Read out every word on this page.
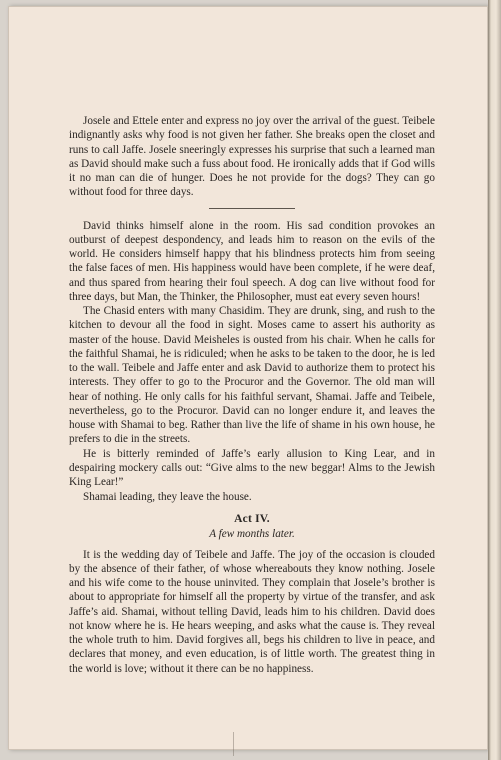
Josele and Ettele enter and express no joy over the arrival of the guest. Teibele indignantly asks why food is not given her father. She breaks open the closet and runs to call Jaffe. Josele sneeringly expresses his surprise that such a learned man as David should make such a fuss about food. He ironically adds that if God wills it no man can die of hunger. Does he not provide for the dogs? They can go without food for three days.

David thinks himself alone in the room. His sad condition provokes an outburst of deepest despondency, and leads him to reason on the evils of the world. He considers himself happy that his blindness protects him from seeing the false faces of men. His happiness would have been complete, if he were deaf, and thus spared from hearing their foul speech. A dog can live without food for three days, but Man, the Thinker, the Philosopher, must eat every seven hours!

The Chasid enters with many Chasidim. They are drunk, sing, and rush to the kitchen to devour all the food in sight. Moses came to assert his authority as master of the house. David Meisheles is ousted from his chair. When he calls for the faithful Shamai, he is ridiculed; when he asks to be taken to the door, he is led to the wall. Teibele and Jaffe enter and ask David to authorize them to protect his interests. They offer to go to the Procuror and the Governor. The old man will hear of nothing. He only calls for his faithful servant, Shamai. Jaffe and Teibele, nevertheless, go to the Procuror. David can no longer endure it, and leaves the house with Shamai to beg. Rather than live the life of shame in his own house, he prefers to die in the streets.

He is bitterly reminded of Jaffe’s early allusion to King Lear, and in despairing mockery calls out: “Give alms to the new beggar! Alms to the Jewish King Lear!”

Shamai leading, they leave the house.

Act IV.
A few months later.

It is the wedding day of Teibele and Jaffe. The joy of the occasion is clouded by the absence of their father, of whose whereabouts they know nothing. Josele and his wife come to the house uninvited. They complain that Josele’s brother is about to appropriate for himself all the property by virtue of the transfer, and ask Jaffe’s aid. Shamai, without telling David, leads him to his children. David does not know where he is. He hears weeping, and asks what the cause is. They reveal the whole truth to him. David forgives all, begs his children to live in peace, and declares that money, and even education, is of little worth. The greatest thing in the world is love; without it there can be no happiness.
